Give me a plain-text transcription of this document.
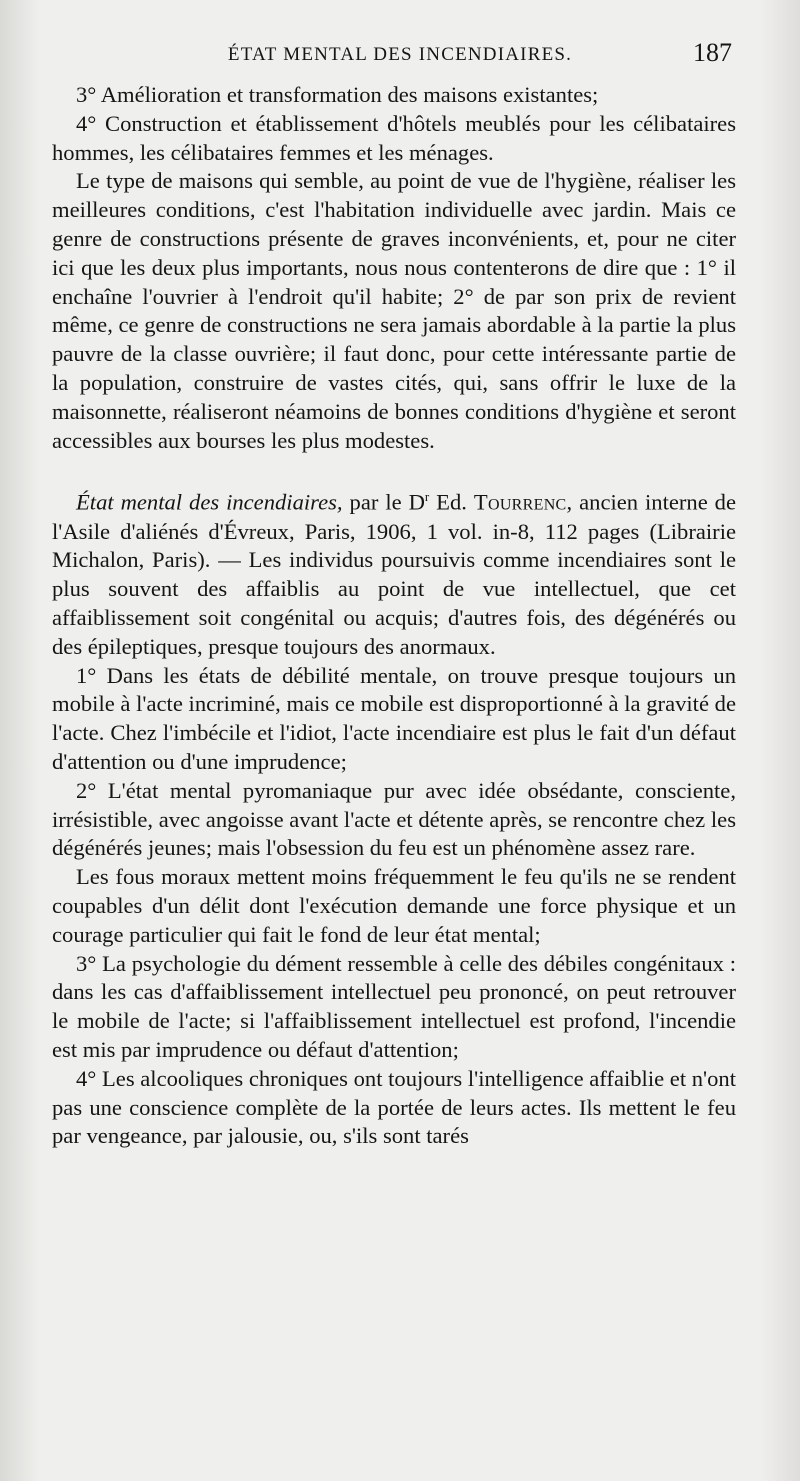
ÉTAT MENTAL DES INCENDIAIRES.	187

3° Amélioration et transformation des maisons existantes;

4° Construction et établissement d'hôtels meublés pour les célibataires hommes, les célibataires femmes et les ménages.

Le type de maisons qui semble, au point de vue de l'hygiène, réaliser les meilleures conditions, c'est l'habitation individuelle avec jardin. Mais ce genre de constructions présente de graves inconvénients, et, pour ne citer ici que les deux plus importants, nous nous contenterons de dire que : 1° il enchaîne l'ouvrier à l'endroit qu'il habite; 2° de par son prix de revient même, ce genre de constructions ne sera jamais abordable à la partie la plus pauvre de la classe ouvrière; il faut donc, pour cette intéressante partie de la population, construire de vastes cités, qui, sans offrir le luxe de la maisonnette, réaliseront néamoins de bonnes conditions d'hygiène et seront accessibles aux bourses les plus modestes.

État mental des incendiaires, par le $D^r$ Ed. Tourrenc, ancien interne de l'Asile d'aliénés d'Évreux, Paris, 1906, 1 vol. in-8, 112 pages (Librairie Michalon, Paris). — Les individus poursuivis comme incendiaires sont le plus souvent des affaiblis au point de vue intellectuel, que cet affaiblissement soit congénital ou acquis; d'autres fois, des dégénérés ou des épileptiques, presque toujours des anormaux.

1° Dans les états de débilité mentale, on trouve presque toujours un mobile à l'acte incriminé, mais ce mobile est disproportionné à la gravité de l'acte. Chez l'imbécile et l'idiot, l'acte incendiaire est plus le fait d'un défaut d'attention ou d'une imprudence;

2° L'état mental pyromaniaque pur avec idée obsédante, consciente, irrésistible, avec angoisse avant l'acte et détente après, se rencontre chez les dégénérés jeunes; mais l'obsession du feu est un phénomène assez rare.

Les fous moraux mettent moins fréquemment le feu qu'ils ne se rendent coupables d'un délit dont l'exécution demande une force physique et un courage particulier qui fait le fond de leur état mental;

3° La psychologie du dément ressemble à celle des débiles congénitaux : dans les cas d'affaiblissement intellectuel peu prononcé, on peut retrouver le mobile de l'acte; si l'affaiblissement intellectuel est profond, l'incendie est mis par imprudence ou défaut d'attention;

4° Les alcooliques chroniques ont toujours l'intelligence affaiblie et n'ont pas une conscience complète de la portée de leurs actes. Ils mettent le feu par vengeance, par jalousie, ou, s'ils sont tarés
